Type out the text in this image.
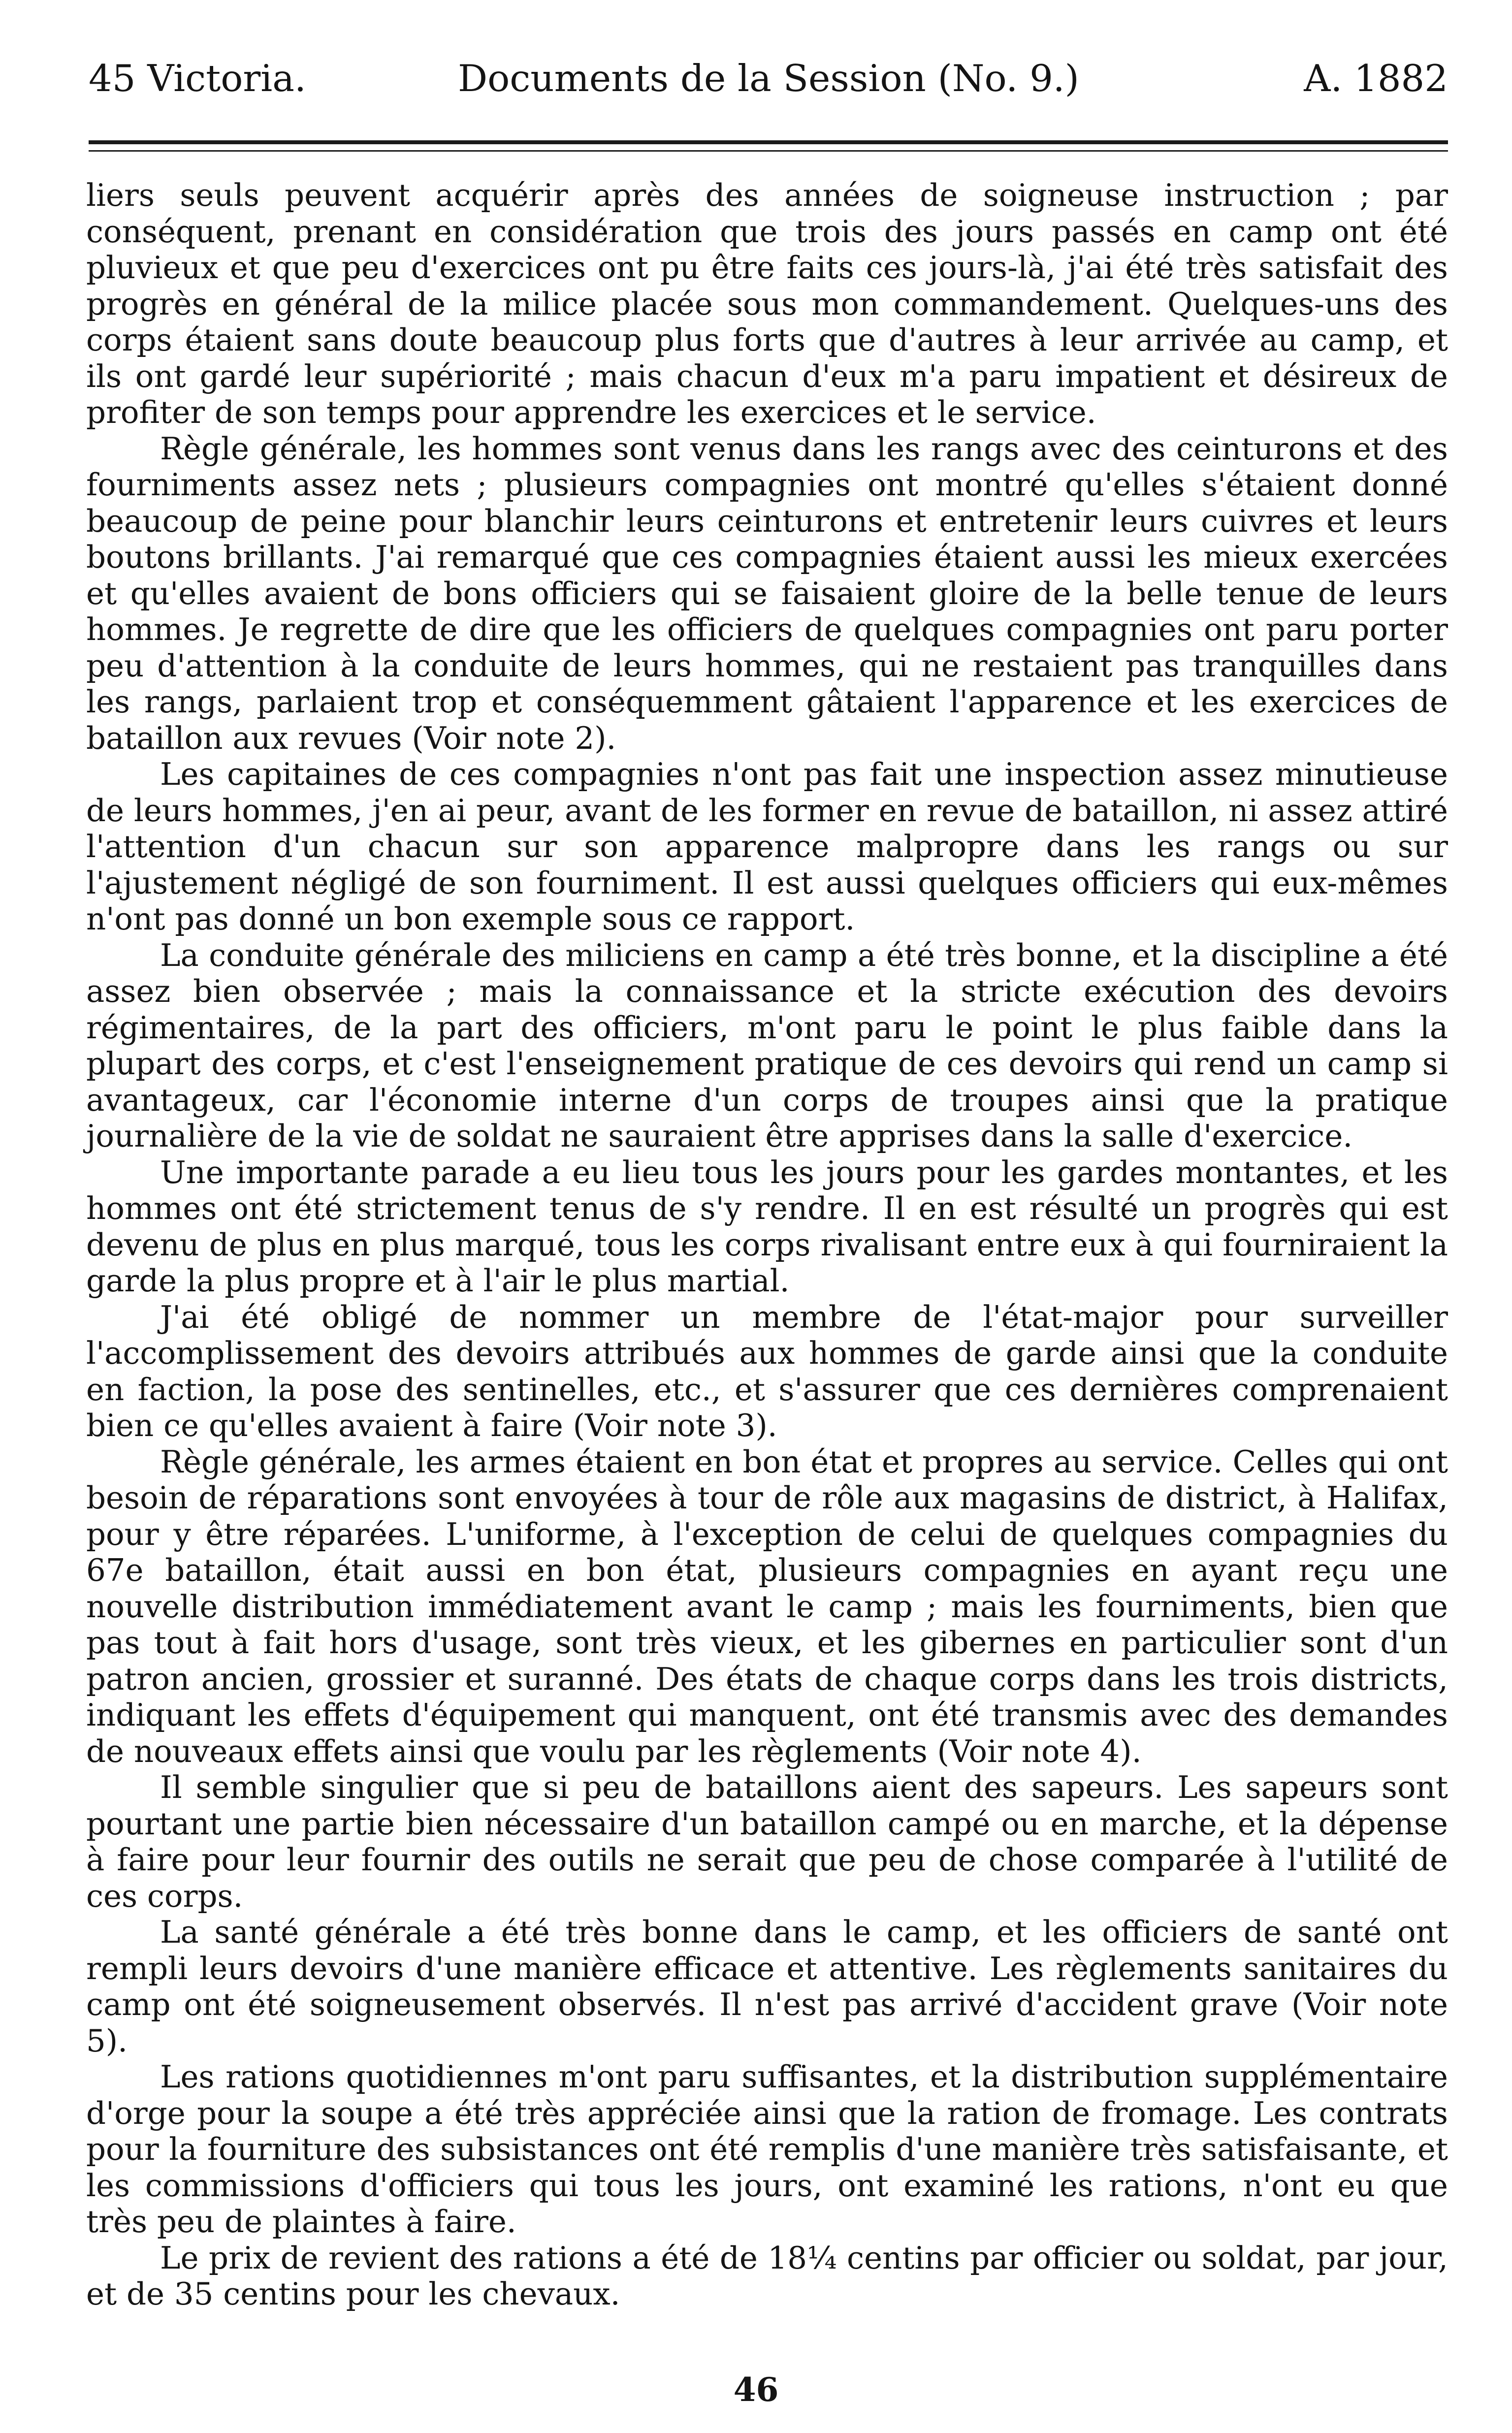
45 Victoria.	Documents de la Session (No. 9.)	A. 1882

liers seuls peuvent acquérir après des années de soigneuse instruction ; par conséquent, prenant en considération que trois des jours passés en camp ont été pluvieux et que peu d'exercices ont pu être faits ces jours-là, j'ai été très satisfait des progrès en général de la milice placée sous mon commandement. Quelques-uns des corps étaient sans doute beaucoup plus forts que d'autres à leur arrivée au camp, et ils ont gardé leur supériorité ; mais chacun d'eux m'a paru impatient et désireux de profiter de son temps pour apprendre les exercices et le service.

Règle générale, les hommes sont venus dans les rangs avec des ceinturons et des fourniments assez nets ; plusieurs compagnies ont montré qu'elles s'étaient donné beaucoup de peine pour blanchir leurs ceinturons et entretenir leurs cuivres et leurs boutons brillants. J'ai remarqué que ces compagnies étaient aussi les mieux exercées et qu'elles avaient de bons officiers qui se faisaient gloire de la belle tenue de leurs hommes. Je regrette de dire que les officiers de quelques compagnies ont paru porter peu d'attention à la conduite de leurs hommes, qui ne restaient pas tranquilles dans les rangs, parlaient trop et conséquemment gâtaient l'apparence et les exercices de bataillon aux revues (Voir note 2).

Les capitaines de ces compagnies n'ont pas fait une inspection assez minutieuse de leurs hommes, j'en ai peur, avant de les former en revue de bataillon, ni assez attiré l'attention d'un chacun sur son apparence malpropre dans les rangs ou sur l'ajustement négligé de son fourniment. Il est aussi quelques officiers qui eux-mêmes n'ont pas donné un bon exemple sous ce rapport.

La conduite générale des miliciens en camp a été très bonne, et la discipline a été assez bien observée ; mais la connaissance et la stricte exécution des devoirs régimentaires, de la part des officiers, m'ont paru le point le plus faible dans la plupart des corps, et c'est l'enseignement pratique de ces devoirs qui rend un camp si avantageux, car l'économie interne d'un corps de troupes ainsi que la pratique journalière de la vie de soldat ne sauraient être apprises dans la salle d'exercice.

Une importante parade a eu lieu tous les jours pour les gardes montantes, et les hommes ont été strictement tenus de s'y rendre. Il en est résulté un progrès qui est devenu de plus en plus marqué, tous les corps rivalisant entre eux à qui fourniraient la garde la plus propre et à l'air le plus martial.

J'ai été obligé de nommer un membre de l'état-major pour surveiller l'accomplissement des devoirs attribués aux hommes de garde ainsi que la conduite en faction, la pose des sentinelles, etc., et s'assurer que ces dernières comprenaient bien ce qu'elles avaient à faire (Voir note 3).

Règle générale, les armes étaient en bon état et propres au service. Celles qui ont besoin de réparations sont envoyées à tour de rôle aux magasins de district, à Halifax, pour y être réparées. L'uniforme, à l'exception de celui de quelques compagnies du 67e bataillon, était aussi en bon état, plusieurs compagnies en ayant reçu une nouvelle distribution immédiatement avant le camp ; mais les fourniments, bien que pas tout à fait hors d'usage, sont très vieux, et les gibernes en particulier sont d'un patron ancien, grossier et suranné. Des états de chaque corps dans les trois districts, indiquant les effets d'équipement qui manquent, ont été transmis avec des demandes de nouveaux effets ainsi que voulu par les règlements (Voir note 4).

Il semble singulier que si peu de bataillons aient des sapeurs. Les sapeurs sont pourtant une partie bien nécessaire d'un bataillon campé ou en marche, et la dépense à faire pour leur fournir des outils ne serait que peu de chose comparée à l'utilité de ces corps.

La santé générale a été très bonne dans le camp, et les officiers de santé ont rempli leurs devoirs d'une manière efficace et attentive. Les règlements sanitaires du camp ont été soigneusement observés. Il n'est pas arrivé d'accident grave (Voir note 5).

Les rations quotidiennes m'ont paru suffisantes, et la distribution supplémentaire d'orge pour la soupe a été très appréciée ainsi que la ration de fromage. Les contrats pour la fourniture des subsistances ont été remplis d'une manière très satisfaisante, et les commissions d'officiers qui tous les jours, ont examiné les rations, n'ont eu que très peu de plaintes à faire.

Le prix de revient des rations a été de 18¼ centins par officier ou soldat, par jour, et de 35 centins pour les chevaux.

46
